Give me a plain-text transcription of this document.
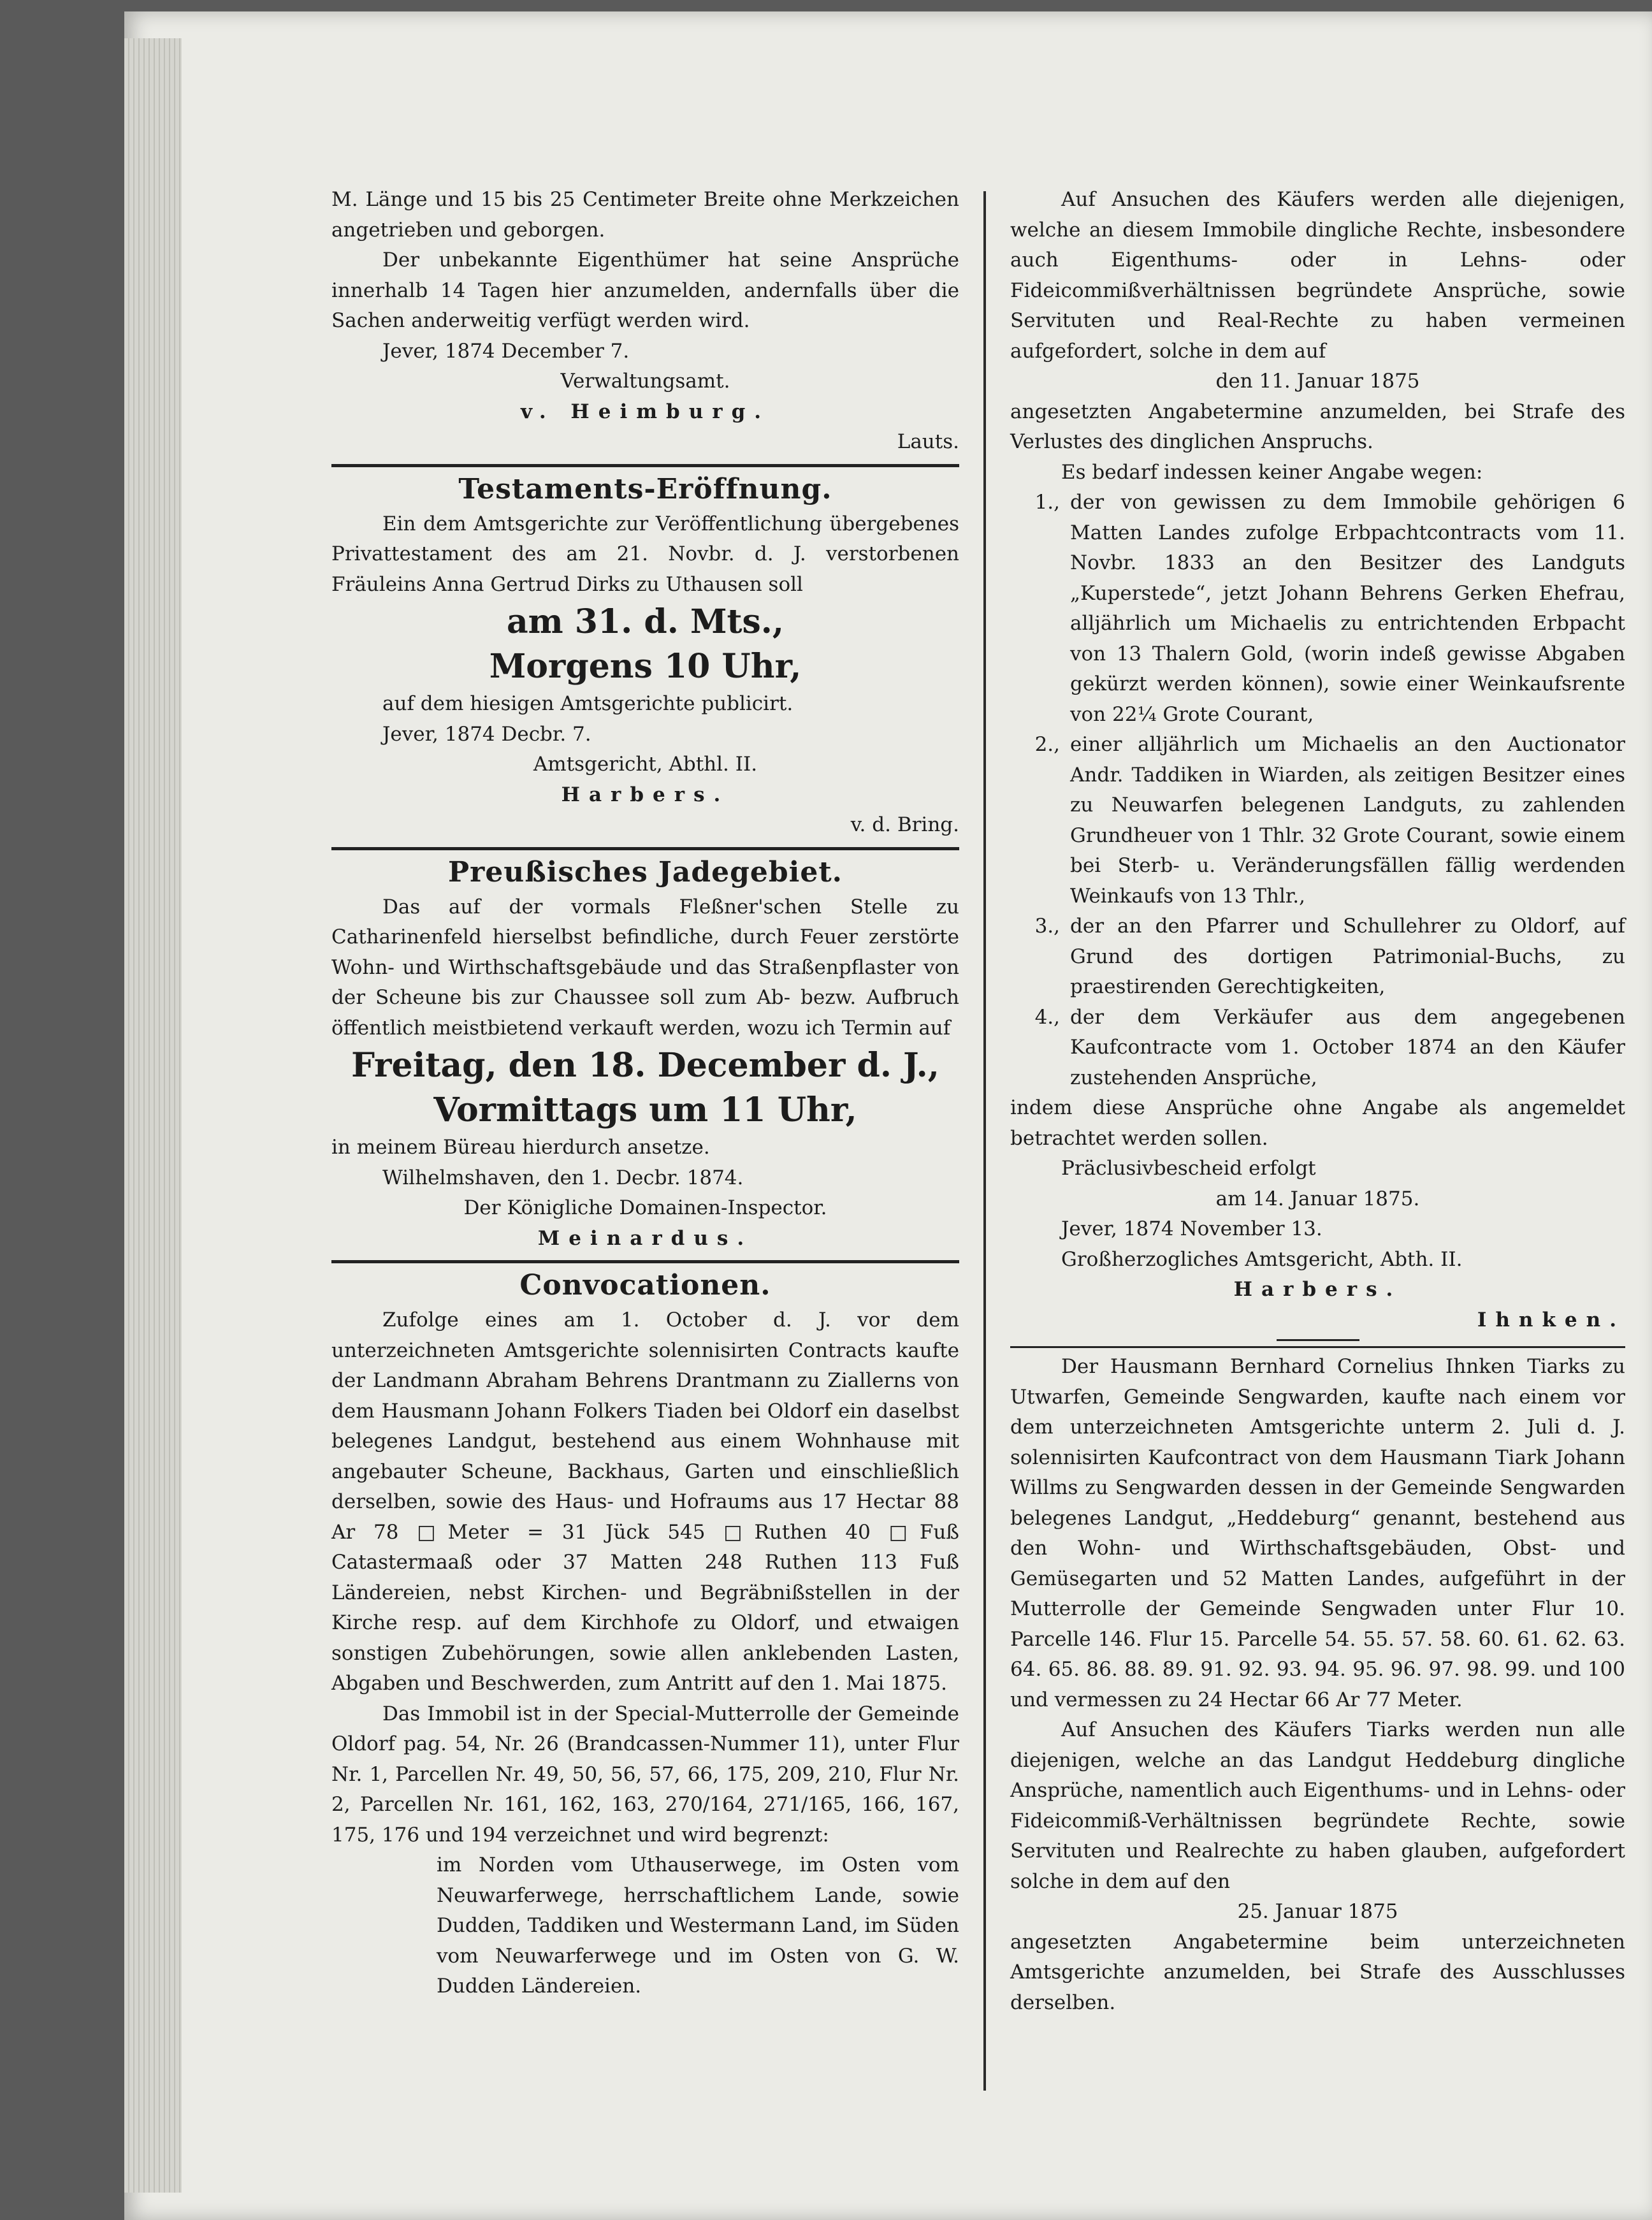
M. Länge und 15 bis 25 Centimeter Breite ohne Merkzeichen angetrieben und geborgen.

Der unbekannte Eigenthümer hat seine Ansprüche innerhalb 14 Tagen hier anzumelden, andernfalls über die Sachen anderweitig verfügt werden wird.

Jever, 1874 December 7.

Verwaltungsamt.

v. Heimburg.

Lauts.

Testaments-Eröffnung.

Ein dem Amtsgerichte zur Veröffentlichung übergebenes Privattestament des am 21. Novbr. d. J. verstorbenen Fräuleins Anna Gertrud Dirks zu Uthausen soll

am 31. d. Mts.,

Morgens 10 Uhr,

auf dem hiesigen Amtsgerichte publicirt.

Jever, 1874 Decbr. 7.

Amtsgericht, Abthl. II.

Harbers.

v. d. Bring.

Preußisches Jadegebiet.

Das auf der vormals Fleßner'schen Stelle zu Catharinenfeld hierselbst befindliche, durch Feuer zerstörte Wohn- und Wirthschaftsgebäude und das Straßenpflaster von der Scheune bis zur Chaussee soll zum Ab- bezw. Aufbruch öffentlich meistbietend verkauft werden, wozu ich Termin auf

Freitag, den 18. December d. J.,

Vormittags um 11 Uhr,

in meinem Büreau hierdurch ansetze.

Wilhelmshaven, den 1. Decbr. 1874.

Der Königliche Domainen-Inspector.

Meinardus.

Convocationen.

Zufolge eines am 1. October d. J. vor dem unterzeichneten Amtsgerichte solennisirten Contracts kaufte der Landmann Abraham Behrens Drantmann zu Ziallerns von dem Hausmann Johann Folkers Tiaden bei Oldorf ein daselbst belegenes Landgut, bestehend aus einem Wohnhause mit angebauter Scheune, Backhaus, Garten und einschließlich derselben, sowie des Haus- und Hofraums aus 17 Hectar 88 Ar 78 □Meter = 31 Jück 545 □Ruthen 40 □Fuß Catastermaaß oder 37 Matten 248 Ruthen 113 Fuß Ländereien, nebst Kirchen- und Begräbnißstellen in der Kirche resp. auf dem Kirchhofe zu Oldorf, und etwaigen sonstigen Zubehörungen, sowie allen anklebenden Lasten, Abgaben und Beschwerden, zum Antritt auf den 1. Mai 1875.

Das Immobil ist in der Special-Mutterrolle der Gemeinde Oldorf pag. 54, Nr. 26 (Brandcassen-Nummer 11), unter Flur Nr. 1, Parcellen Nr. 49, 50, 56, 57, 66, 175, 209, 210, Flur Nr. 2, Parcellen Nr. 161, 162, 163, 270/164, 271/165, 166, 167, 175, 176 und 194 verzeichnet und wird begrenzt:

im Norden vom Uthauserwege, im Osten vom Neuwarferwege, herrschaftlichem Lande, sowie Dudden, Taddiken und Westermann Land, im Süden vom Neuwarferwege und im Osten von G. W. Dudden Ländereien.

Auf Ansuchen des Käufers werden alle diejenigen, welche an diesem Immobile dingliche Rechte, insbesondere auch Eigenthums- oder in Lehns- oder Fideicommißverhältnissen begründete Ansprüche, sowie Servituten und Real-Rechte zu haben vermeinen aufgefordert, solche in dem auf

den 11. Januar 1875

angesetzten Angabetermine anzumelden, bei Strafe des Verlustes des dinglichen Anspruchs.

Es bedarf indessen keiner Angabe wegen:

1., der von gewissen zu dem Immobile gehörigen 6 Matten Landes zufolge Erbpachtcontracts vom 11. Novbr. 1833 an den Besitzer des Landguts „Kuperstede“, jetzt Johann Behrens Gerken Ehefrau, alljährlich um Michaelis zu entrichtenden Erbpacht von 13 Thalern Gold, (worin indeß gewisse Abgaben gekürzt werden können), sowie einer Weinkaufsrente von 22¼ Grote Courant,

2., einer alljährlich um Michaelis an den Auctionator Andr. Taddiken in Wiarden, als zeitigen Besitzer eines zu Neuwarfen belegenen Landguts, zu zahlenden Grundheuer von 1 Thlr. 32 Grote Courant, sowie einem bei Sterb- u. Veränderungsfällen fällig werdenden Weinkaufs von 13 Thlr.,

3., der an den Pfarrer und Schullehrer zu Oldorf, auf Grund des dortigen Patrimonial-Buchs, zu praestirenden Gerechtigkeiten,

4., der dem Verkäufer aus dem angegebenen Kaufcontracte vom 1. October 1874 an den Käufer zustehenden Ansprüche,

indem diese Ansprüche ohne Angabe als angemeldet betrachtet werden sollen.

Präclusivbescheid erfolgt

am 14. Januar 1875.

Jever, 1874 November 13.

Großherzogliches Amtsgericht, Abth. II.

Harbers.

Ihnken.

Der Hausmann Bernhard Cornelius Ihnken Tiarks zu Utwarfen, Gemeinde Sengwarden, kaufte nach einem vor dem unterzeichneten Amtsgerichte unterm 2. Juli d. J. solennisirten Kaufcontract von dem Hausmann Tiark Johann Willms zu Sengwarden dessen in der Gemeinde Sengwarden belegenes Landgut, „Heddeburg“ genannt, bestehend aus den Wohn- und Wirthschaftsgebäuden, Obst- und Gemüsegarten und 52 Matten Landes, aufgeführt in der Mutterrolle der Gemeinde Sengwaden unter Flur 10. Parcelle 146. Flur 15. Parcelle 54. 55. 57. 58. 60. 61. 62. 63. 64. 65. 86. 88. 89. 91. 92. 93. 94. 95. 96. 97. 98. 99. und 100 und vermessen zu 24 Hectar 66 Ar 77 Meter.

Auf Ansuchen des Käufers Tiarks werden nun alle diejenigen, welche an das Landgut Heddeburg dingliche Ansprüche, namentlich auch Eigenthums- und in Lehns- oder Fideicommiß-Verhältnissen begründete Rechte, sowie Servituten und Realrechte zu haben glauben, aufgefordert solche in dem auf den

25. Januar 1875

angesetzten Angabetermine beim unterzeichneten Amtsgerichte anzumelden, bei Strafe des Ausschlusses derselben.
